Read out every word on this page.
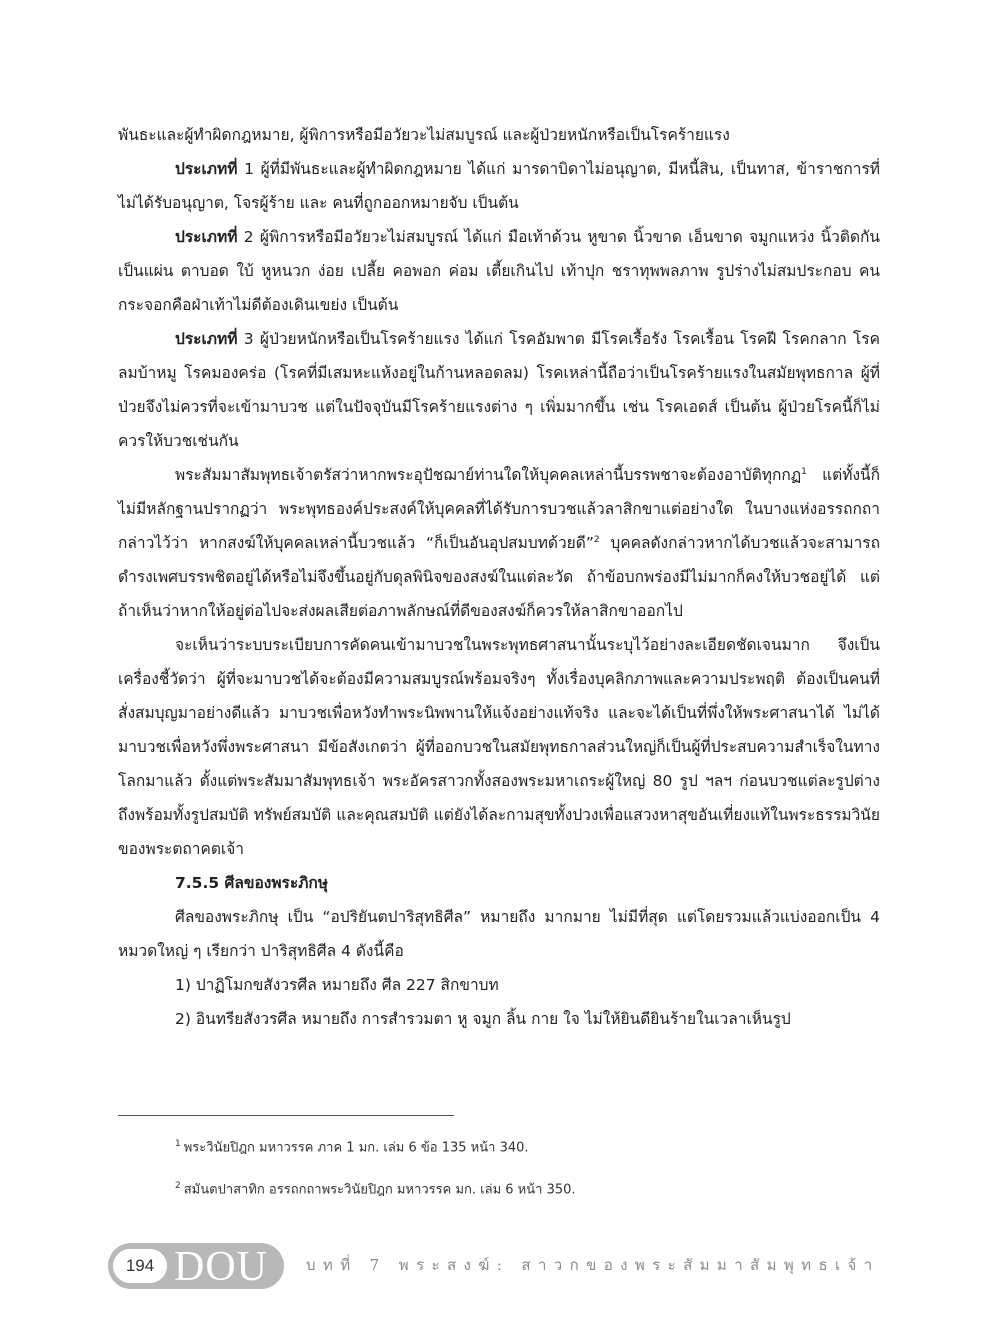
พันธะและผู้ทำผิดกฎหมาย, ผู้พิการหรือมีอวัยวะไม่สมบูรณ์ และผู้ป่วยหนักหรือเป็นโรคร้ายแรง

ประเภทที่ 1 ผู้ที่มีพันธะและผู้ทำผิดกฎหมาย ได้แก่ มารดาบิดาไม่อนุญาต, มีหนี้สิน, เป็นทาส, ข้าราชการที่ไม่ได้รับอนุญาต, โจรผู้ร้าย และ คนที่ถูกออกหมายจับ เป็นต้น

ประเภทที่ 2 ผู้พิการหรือมีอวัยวะไม่สมบูรณ์ ได้แก่ มือเท้าด้วน หูขาด นิ้วขาด เอ็นขาด จมูกแหว่ง นิ้วติดกันเป็นแผ่น ตาบอด ใบ้ หูหนวก ง่อย เปลี้ย คอพอก ค่อม เตี้ยเกินไป เท้าปุก ชราทุพพลภาพ รูปร่างไม่สมประกอบ คนกระจอกคือฝ่าเท้าไม่ดีต้องเดินเขย่ง เป็นต้น

ประเภทที่ 3 ผู้ป่วยหนักหรือเป็นโรคร้ายแรง ได้แก่ โรคอัมพาต มีโรคเรื้อรัง โรคเรื้อน โรคฝี โรคกลาก โรคลมบ้าหมู โรคมองคร่อ (โรคที่มีเสมหะแห้งอยู่ในก้านหลอดลม) โรคเหล่านี้ถือว่าเป็นโรคร้ายแรงในสมัยพุทธกาล ผู้ที่ป่วยจึงไม่ควรที่จะเข้ามาบวช แต่ในปัจจุบันมีโรคร้ายแรงต่าง ๆ เพิ่มมากขึ้น เช่น โรคเอดส์ เป็นต้น ผู้ป่วยโรคนี้ก็ไม่ควรให้บวชเช่นกัน

พระสัมมาสัมพุทธเจ้าตรัสว่าหากพระอุปัชฌาย์ท่านใดให้บุคคลเหล่านี้บรรพชาจะต้องอาบัติทุกกฏ$^1$ แต่ทั้งนี้ก็ไม่มีหลักฐานปรากฏว่า พระพุทธองค์ประสงค์ให้บุคคลที่ได้รับการบวชแล้วลาสิกขาแต่อย่างใด ในบางแห่งอรรถกถากล่าวไว้ว่า หากสงฆ์ให้บุคคลเหล่านี้บวชแล้ว “ก็เป็นอันอุปสมบทด้วยดี”$^2$ บุคคลดังกล่าวหากได้บวชแล้วจะสามารถดำรงเพศบรรพชิตอยู่ได้หรือไม่จึงขึ้นอยู่กับดุลพินิจของสงฆ์ในแต่ละวัด ถ้าข้อบกพร่องมีไม่มากก็คงให้บวชอยู่ได้ แต่ถ้าเห็นว่าหากให้อยู่ต่อไปจะส่งผลเสียต่อภาพลักษณ์ที่ดีของสงฆ์ก็ควรให้ลาสิกขาออกไป

จะเห็นว่าระบบระเบียบการคัดคนเข้ามาบวชในพระพุทธศาสนานั้นระบุไว้อย่างละเอียดชัดเจนมาก จึงเป็นเครื่องชี้วัดว่า ผู้ที่จะมาบวชได้จะต้องมีความสมบูรณ์พร้อมจริงๆ ทั้งเรื่องบุคลิกภาพและความประพฤติ ต้องเป็นคนที่สั่งสมบุญมาอย่างดีแล้ว มาบวชเพื่อหวังทำพระนิพพานให้แจ้งอย่างแท้จริง และจะได้เป็นที่พึ่งให้พระศาสนาได้ ไม่ได้มาบวชเพื่อหวังพึ่งพระศาสนา มีข้อสังเกตว่า ผู้ที่ออกบวชในสมัยพุทธกาลส่วนใหญ่ก็เป็นผู้ที่ประสบความสำเร็จในทางโลกมาแล้ว ตั้งแต่พระสัมมาสัมพุทธเจ้า พระอัครสาวกทั้งสองพระมหาเถระผู้ใหญ่ 80 รูป ฯลฯ ก่อนบวชแต่ละรูปต่างถึงพร้อมทั้งรูปสมบัติ ทรัพย์สมบัติ และคุณสมบัติ แต่ยังได้ละกามสุขทั้งปวงเพื่อแสวงหาสุขอันเที่ยงแท้ในพระธรรมวินัยของพระตถาคตเจ้า

7.5.5 ศีลของพระภิกษุ

ศีลของพระภิกษุ เป็น “อปริยันตปาริสุทธิศีล” หมายถึง มากมาย ไม่มีที่สุด แต่โดยรวมแล้วแบ่งออกเป็น 4 หมวดใหญ่ ๆ เรียกว่า ปาริสุทธิศีล 4 ดังนี้คือ

1) ปาฏิโมกขสังวรศีล หมายถึง ศีล 227 สิกขาบท

2) อินทรียสังวรศีล หมายถึง การสำรวมตา หู จมูก ลิ้น กาย ใจ ไม่ให้ยินดียินร้ายในเวลาเห็นรูป

$^1$ พระวินัยปิฎก มหาวรรค ภาค 1 มก. เล่ม 6 ข้อ 135 หน้า 340.
$^2$ สมันตปาสาทิก อรรถกถาพระวินัยปิฎก มหาวรรค มก. เล่ม 6 หน้า 350.
194 DOU	บทที่ 7 พระสงฆ์: สาวกของพระสัมมาสัมพุทธเจ้า
